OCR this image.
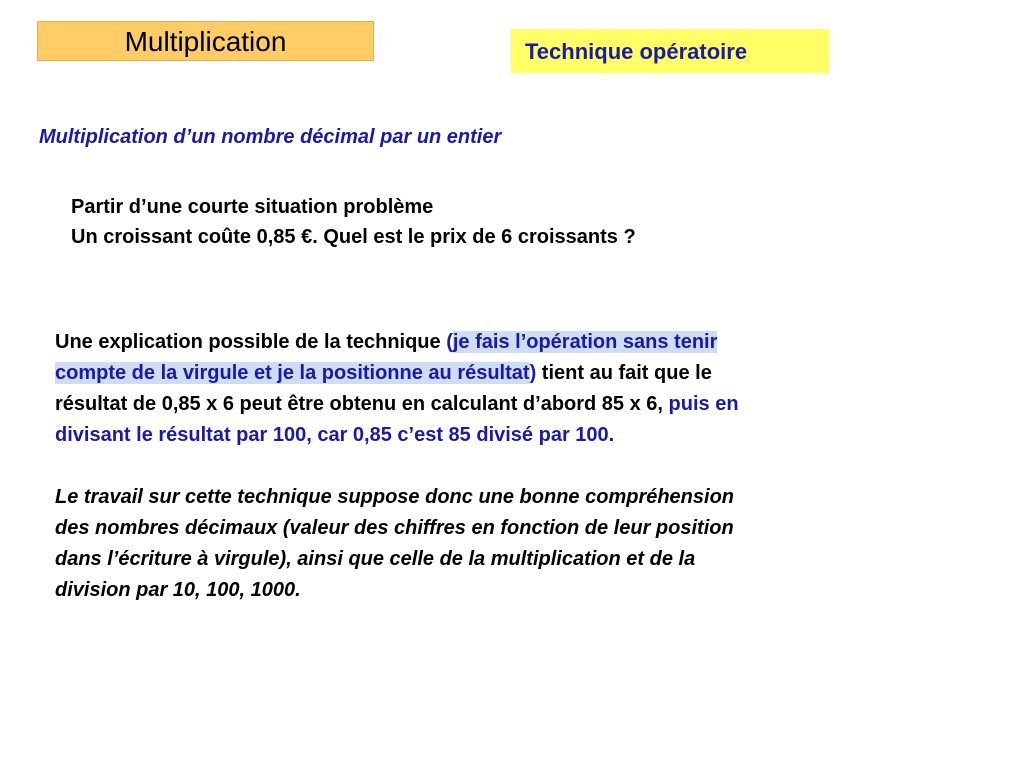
Multiplication	Technique opératoire
Multiplication d’un nombre décimal par un entier
Partir d’une courte situation problème
Un croissant coûte 0,85 €. Quel est le prix de 6 croissants ?
Une explication possible de la technique (je fais l’opération sans tenir
compte de la virgule et je la positionne au résultat) tient au fait que le
résultat de 0,85 x 6 peut être obtenu en calculant d’abord 85 x 6, puis en
divisant le résultat par 100, car 0,85 c’est 85 divisé par 100.
Le travail sur cette technique suppose donc une bonne compréhension
des nombres décimaux (valeur des chiffres en fonction de leur position
dans l’écriture à virgule), ainsi que celle de la multiplication et de la
division par 10, 100, 1000.
